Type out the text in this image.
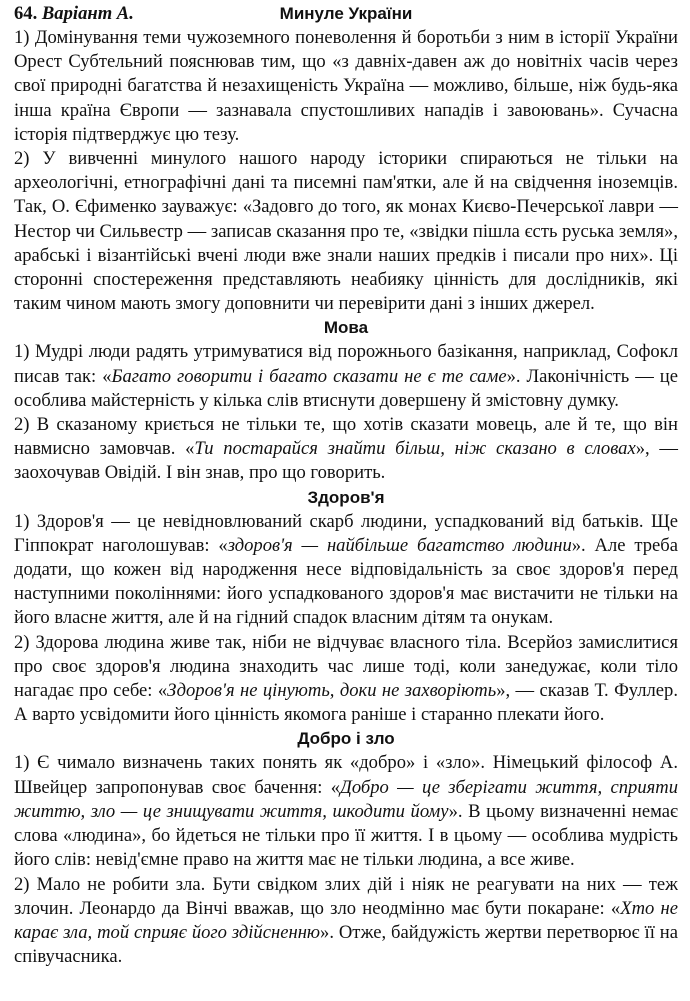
64. Варіант А.	Минуле України

1) Домінування теми чужоземного поневолення й боротьби з ним в історії України Орест Субтельний пояснював тим, що «з давніх-давен аж до новітніх часів через свої природні багатства й незахищеність Україна — можливо, більше, ніж будь-яка інша країна Європи — зазнавала спустошливих нападів і завоювань». Сучасна історія підтверджує цю тезу.

2) У вивченні минулого нашого народу історики спираються не тільки на археологічні, етнографічні дані та писемні пам'ятки, але й на свідчення іноземців. Так, О. Єфименко зауважує: «Задовго до того, як монах Києво-Печерської лаври — Нестор чи Сильвестр — записав сказання про те, «звідки пішла єсть руська земля», арабські і візантійські вчені люди вже знали наших предків і писали про них». Ці сторонні спостереження представляють неабияку цінність для дослідників, які таким чином мають змогу доповнити чи перевірити дані з інших джерел.

Мова

1) Мудрі люди радять утримуватися від порожнього базікання, наприклад, Софокл писав так: «Багато говорити і багато сказати не є те саме». Лаконічність — це особлива майстерність у кілька слів втиснути довершену й змістовну думку.

2) В сказаному криється не тільки те, що хотів сказати мовець, але й те, що він навмисно замовчав. «Ти постарайся знайти більш, ніж сказано в словах», — заохочував Овідій. І він знав, про що говорить.

Здоров'я

1) Здоров'я — це невідновлюваний скарб людини, успадкований від батьків. Ще Гіппократ наголошував: «здоров'я — найбільше багатство людини». Але треба додати, що кожен від народження несе відповідальність за своє здоров'я перед наступними поколіннями: його успадкованого здоров'я має вистачити не тільки на його власне життя, але й на гідний спадок власним дітям та онукам.

2) Здорова людина живе так, ніби не відчуває власного тіла. Всерйоз замислитися про своє здоров'я людина знаходить час лише тоді, коли занедужає, коли тіло нагадає про себе: «Здоров'я не цінують, доки не захворіють», — сказав Т. Фуллер. А варто усвідомити його цінність якомога раніше і старанно плекати його.

Добро і зло

1) Є чимало визначень таких понять як «добро» і «зло». Німецький філософ А. Швейцер запропонував своє бачення: «Добро — це зберігати життя, сприяти життю, зло — це знищувати життя, шкодити йому». В цьому визначенні немає слова «людина», бо йдеться не тільки про її життя. І в цьому — особлива мудрість його слів: невід'ємне право на життя має не тільки людина, а все живе.

2) Мало не робити зла. Бути свідком злих дій і ніяк не реагувати на них — теж злочин. Леонардо да Вінчі вважав, що зло неодмінно має бути покаране: «Хто не карає зла, той сприяє його здійсненню». Отже, байдужість жертви перетворює її на співучасника.
